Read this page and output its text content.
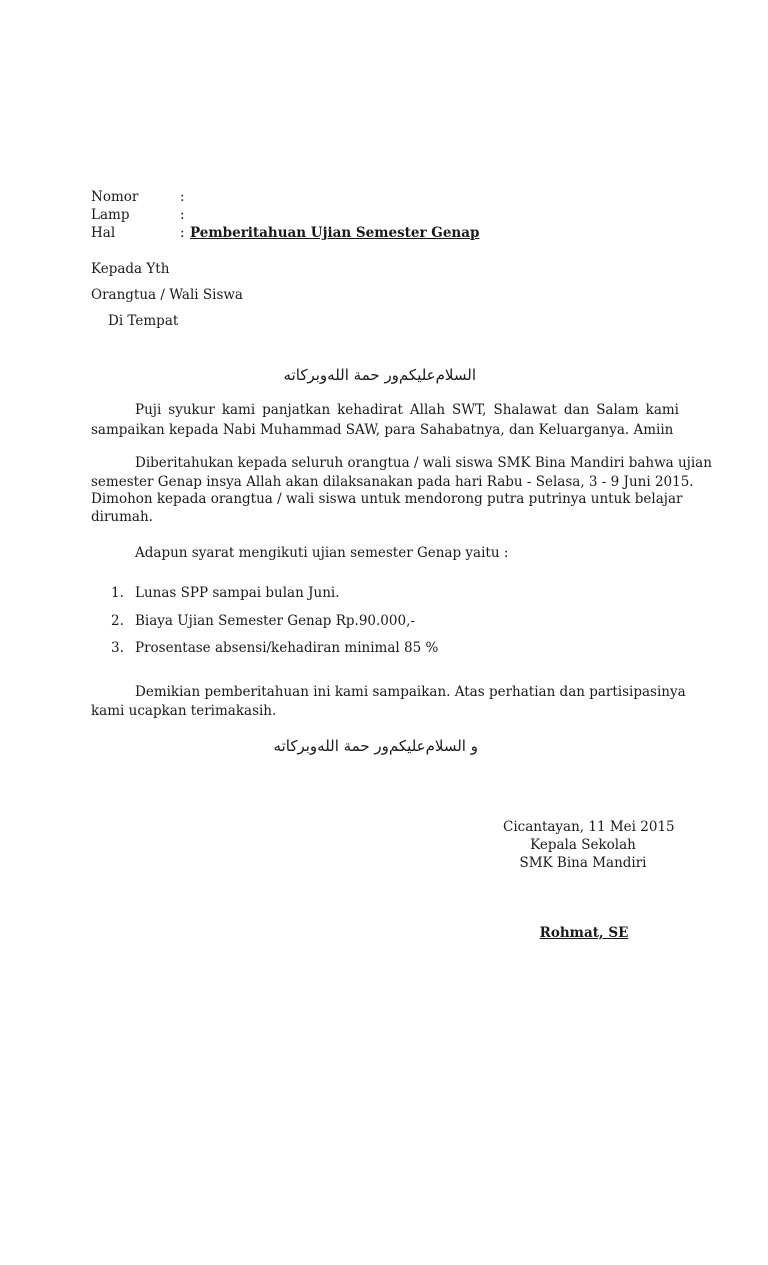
Nomor	:
Lamp	:
Hal	: Pemberitahuan Ujian Semester Genap
Kepada Yth
Orangtua / Wali Siswa
Di Tempat
السلام‌عليكم‌ور حمة الله‌وبركاته
Puji syukur kami panjatkan kehadirat Allah SWT, Shalawat dan Salam kami sampaikan kepada Nabi Muhammad SAW, para Sahabatnya, dan Keluarganya. Amiin
Diberitahukan kepada seluruh orangtua / wali siswa SMK Bina Mandiri bahwa ujian
semester Genap insya Allah akan dilaksanakan pada hari Rabu - Selasa, 3 - 9 Juni 2015.
Dimohon kepada orangtua / wali siswa untuk mendorong putra putrinya untuk belajar
dirumah.
Adapun syarat mengikuti ujian semester Genap yaitu :
1. Lunas SPP sampai bulan Juni.
2. Biaya Ujian Semester Genap Rp.90.000,-
3. Prosentase absensi/kehadiran minimal 85 %
Demikian pemberitahuan ini kami sampaikan. Atas perhatian dan partisipasinya
kami ucapkan terimakasih.
و السلام‌عليكم‌ور حمة الله‌وبركاته
Cicantayan, 11 Mei 2015
Kepala Sekolah
SMK Bina Mandiri
Rohmat, SE
